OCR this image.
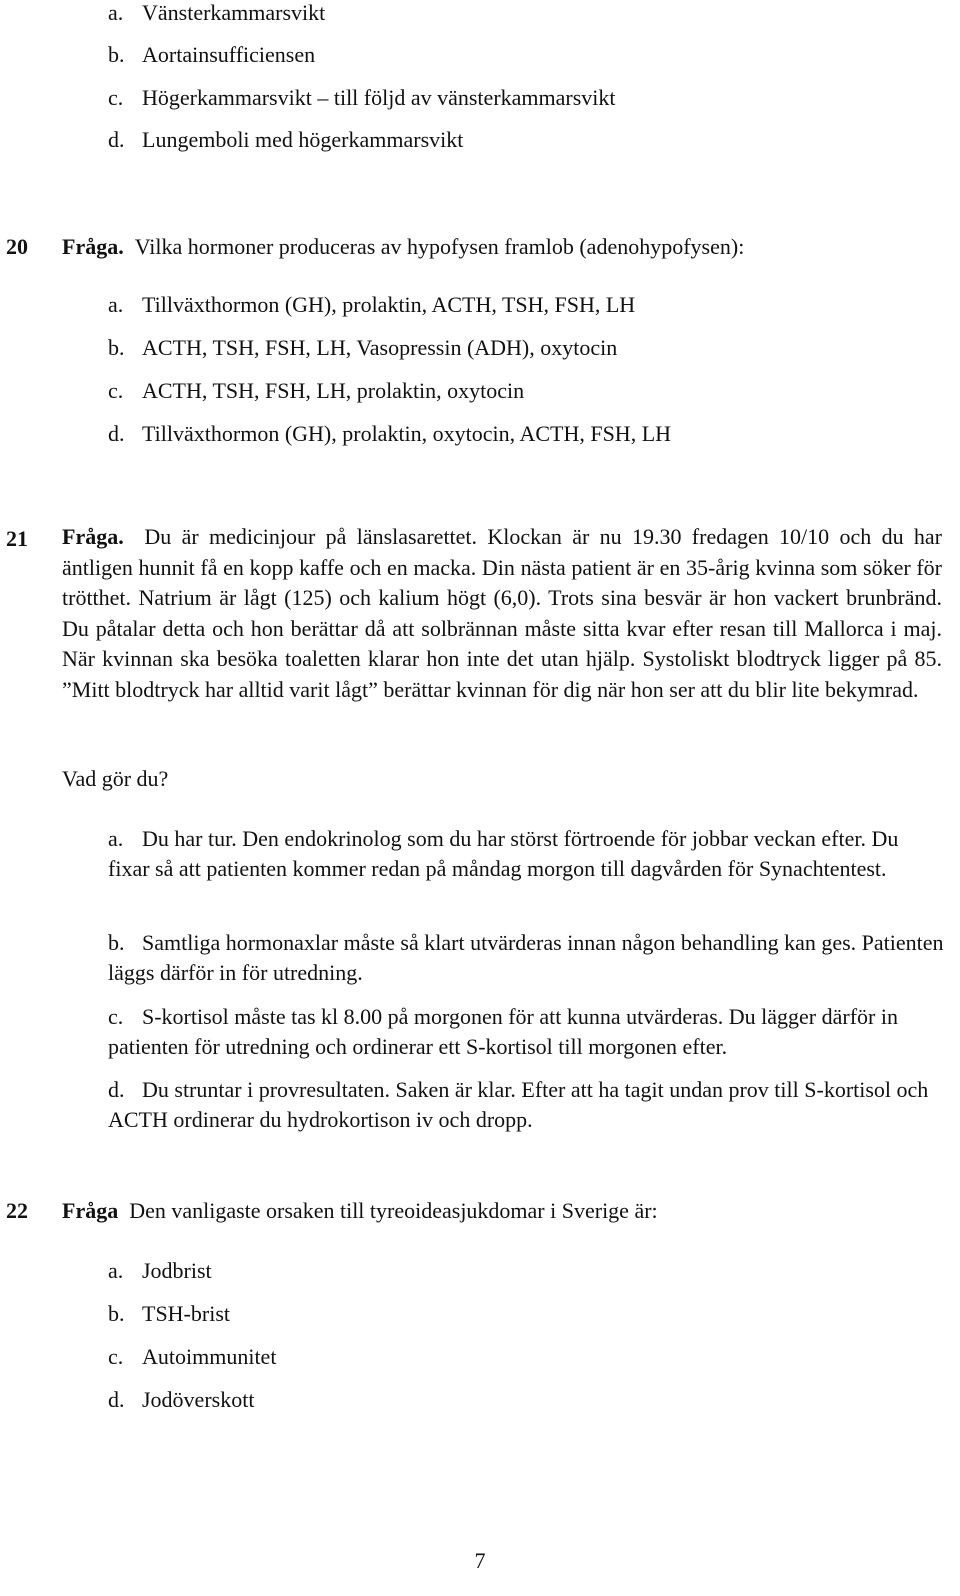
a. Vänsterkammarsvikt
b. Aortainsufficiensen
c. Högerkammarsvikt – till följd av vänsterkammarsvikt
d. Lungemboli med högerkammarsvikt
20 Fråga. Vilka hormoner produceras av hypofysen framlob (adenohypofysen):
a. Tillväxthormon (GH), prolaktin, ACTH, TSH, FSH, LH
b. ACTH, TSH, FSH, LH, Vasopressin (ADH), oxytocin
c. ACTH, TSH, FSH, LH, prolaktin, oxytocin
d. Tillväxthormon (GH), prolaktin, oxytocin, ACTH, FSH, LH
21 Fråga. Du är medicinjour på länslasarettet. Klockan är nu 19.30 fredagen 10/10 och du har äntligen hunnit få en kopp kaffe och en macka. Din nästa patient är en 35-årig kvinna som söker för trötthet. Natrium är lågt (125) och kalium högt (6,0). Trots sina besvär är hon vackert brunbränd. Du påtalar detta och hon berättar då att solbrännan måste sitta kvar efter resan till Mallorca i maj. När kvinnan ska besöka toaletten klarar hon inte det utan hjälp. Systoliskt blodtryck ligger på 85. ”Mitt blodtryck har alltid varit lågt” berättar kvinnan för dig när hon ser att du blir lite bekymrad.
Vad gör du?
a. Du har tur. Den endokrinolog som du har störst förtroende för jobbar veckan efter. Du fixar så att patienten kommer redan på måndag morgon till dagvården för Synachtentest.
b. Samtliga hormonaxlar måste så klart utvärderas innan någon behandling kan ges. Patienten läggs därför in för utredning.
c. S-kortisol måste tas kl 8.00 på morgonen för att kunna utvärderas. Du lägger därför in patienten för utredning och ordinerar ett S-kortisol till morgonen efter.
d. Du struntar i provresultaten. Saken är klar. Efter att ha tagit undan prov till S-kortisol och ACTH ordinerar du hydrokortison iv och dropp.
22 Fråga Den vanligaste orsaken till tyreoideasjukdomar i Sverige är:
a. Jodbrist
b. TSH-brist
c. Autoimmunitet
d. Jodöverskott
7
